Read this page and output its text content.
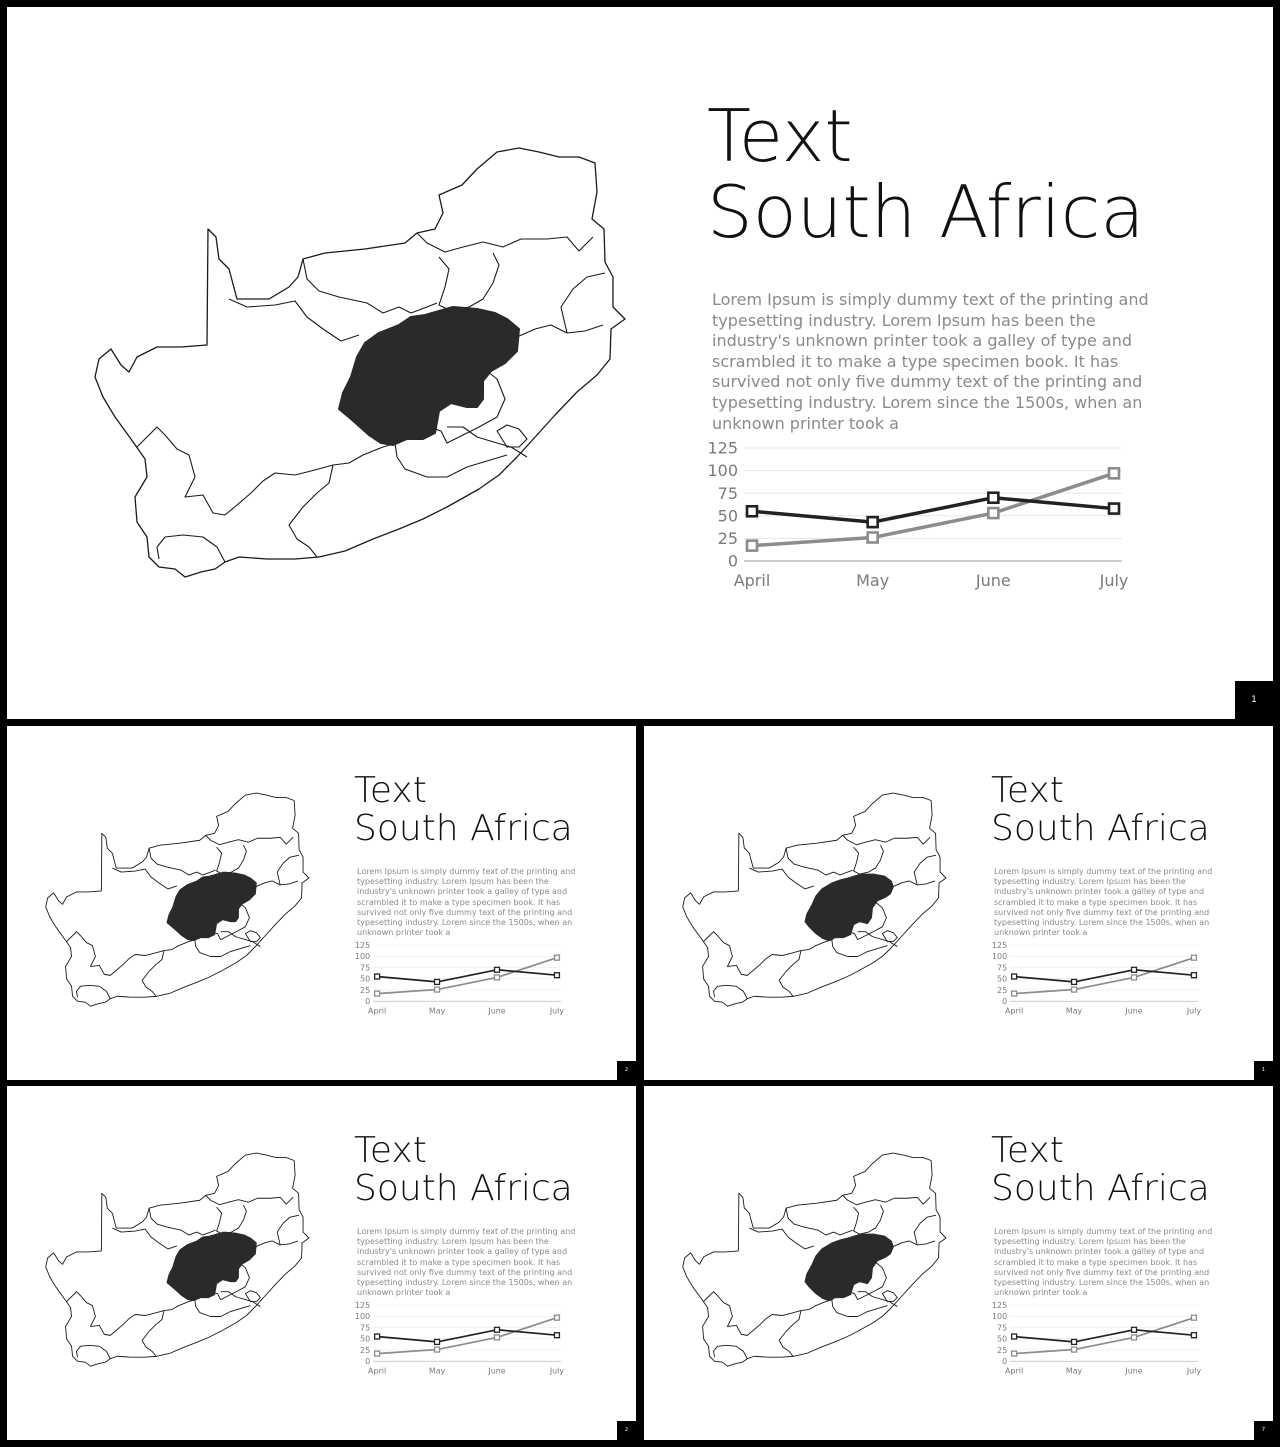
Text
South Africa
Lorem Ipsum is simply dummy text of the printing and typesetting industry. Lorem Ipsum has been the industry's unknown printer took a galley of type and scrambled it to make a type specimen book. It has survived not only five dummy text of the printing and typesetting industry. Lorem since the 1500s, when an unknown printer took a
0
25
50
75
100
125
April	May	June	July
1
Text
South Africa
Lorem Ipsum is simply dummy text of the printing and typesetting industry. Lorem Ipsum has been the industry's unknown printer took a galley of type and scrambled it to make a type specimen book. It has survived not only five dummy text of the printing and typesetting industry. Lorem since the 1500s, when an unknown printer took a
0
25
50
75
100
125
April	May	June	July
2
Text
South Africa
Lorem Ipsum is simply dummy text of the printing and typesetting industry. Lorem Ipsum has been the industry's unknown printer took a galley of type and scrambled it to make a type specimen book. It has survived not only five dummy text of the printing and typesetting industry. Lorem since the 1500s, when an unknown printer took a
0
25
50
75
100
125
April	May	June	July
1
Text
South Africa
Lorem Ipsum is simply dummy text of the printing and typesetting industry. Lorem Ipsum has been the industry's unknown printer took a galley of type and scrambled it to make a type specimen book. It has survived not only five dummy text of the printing and typesetting industry. Lorem since the 1500s, when an unknown printer took a
0
25
50
75
100
125
April	May	June	July
2
Text
South Africa
Lorem Ipsum is simply dummy text of the printing and typesetting industry. Lorem Ipsum has been the industry's unknown printer took a galley of type and scrambled it to make a type specimen book. It has survived not only five dummy text of the printing and typesetting industry. Lorem since the 1500s, when an unknown printer took a
0
25
50
75
100
125
April	May	June	July
7
